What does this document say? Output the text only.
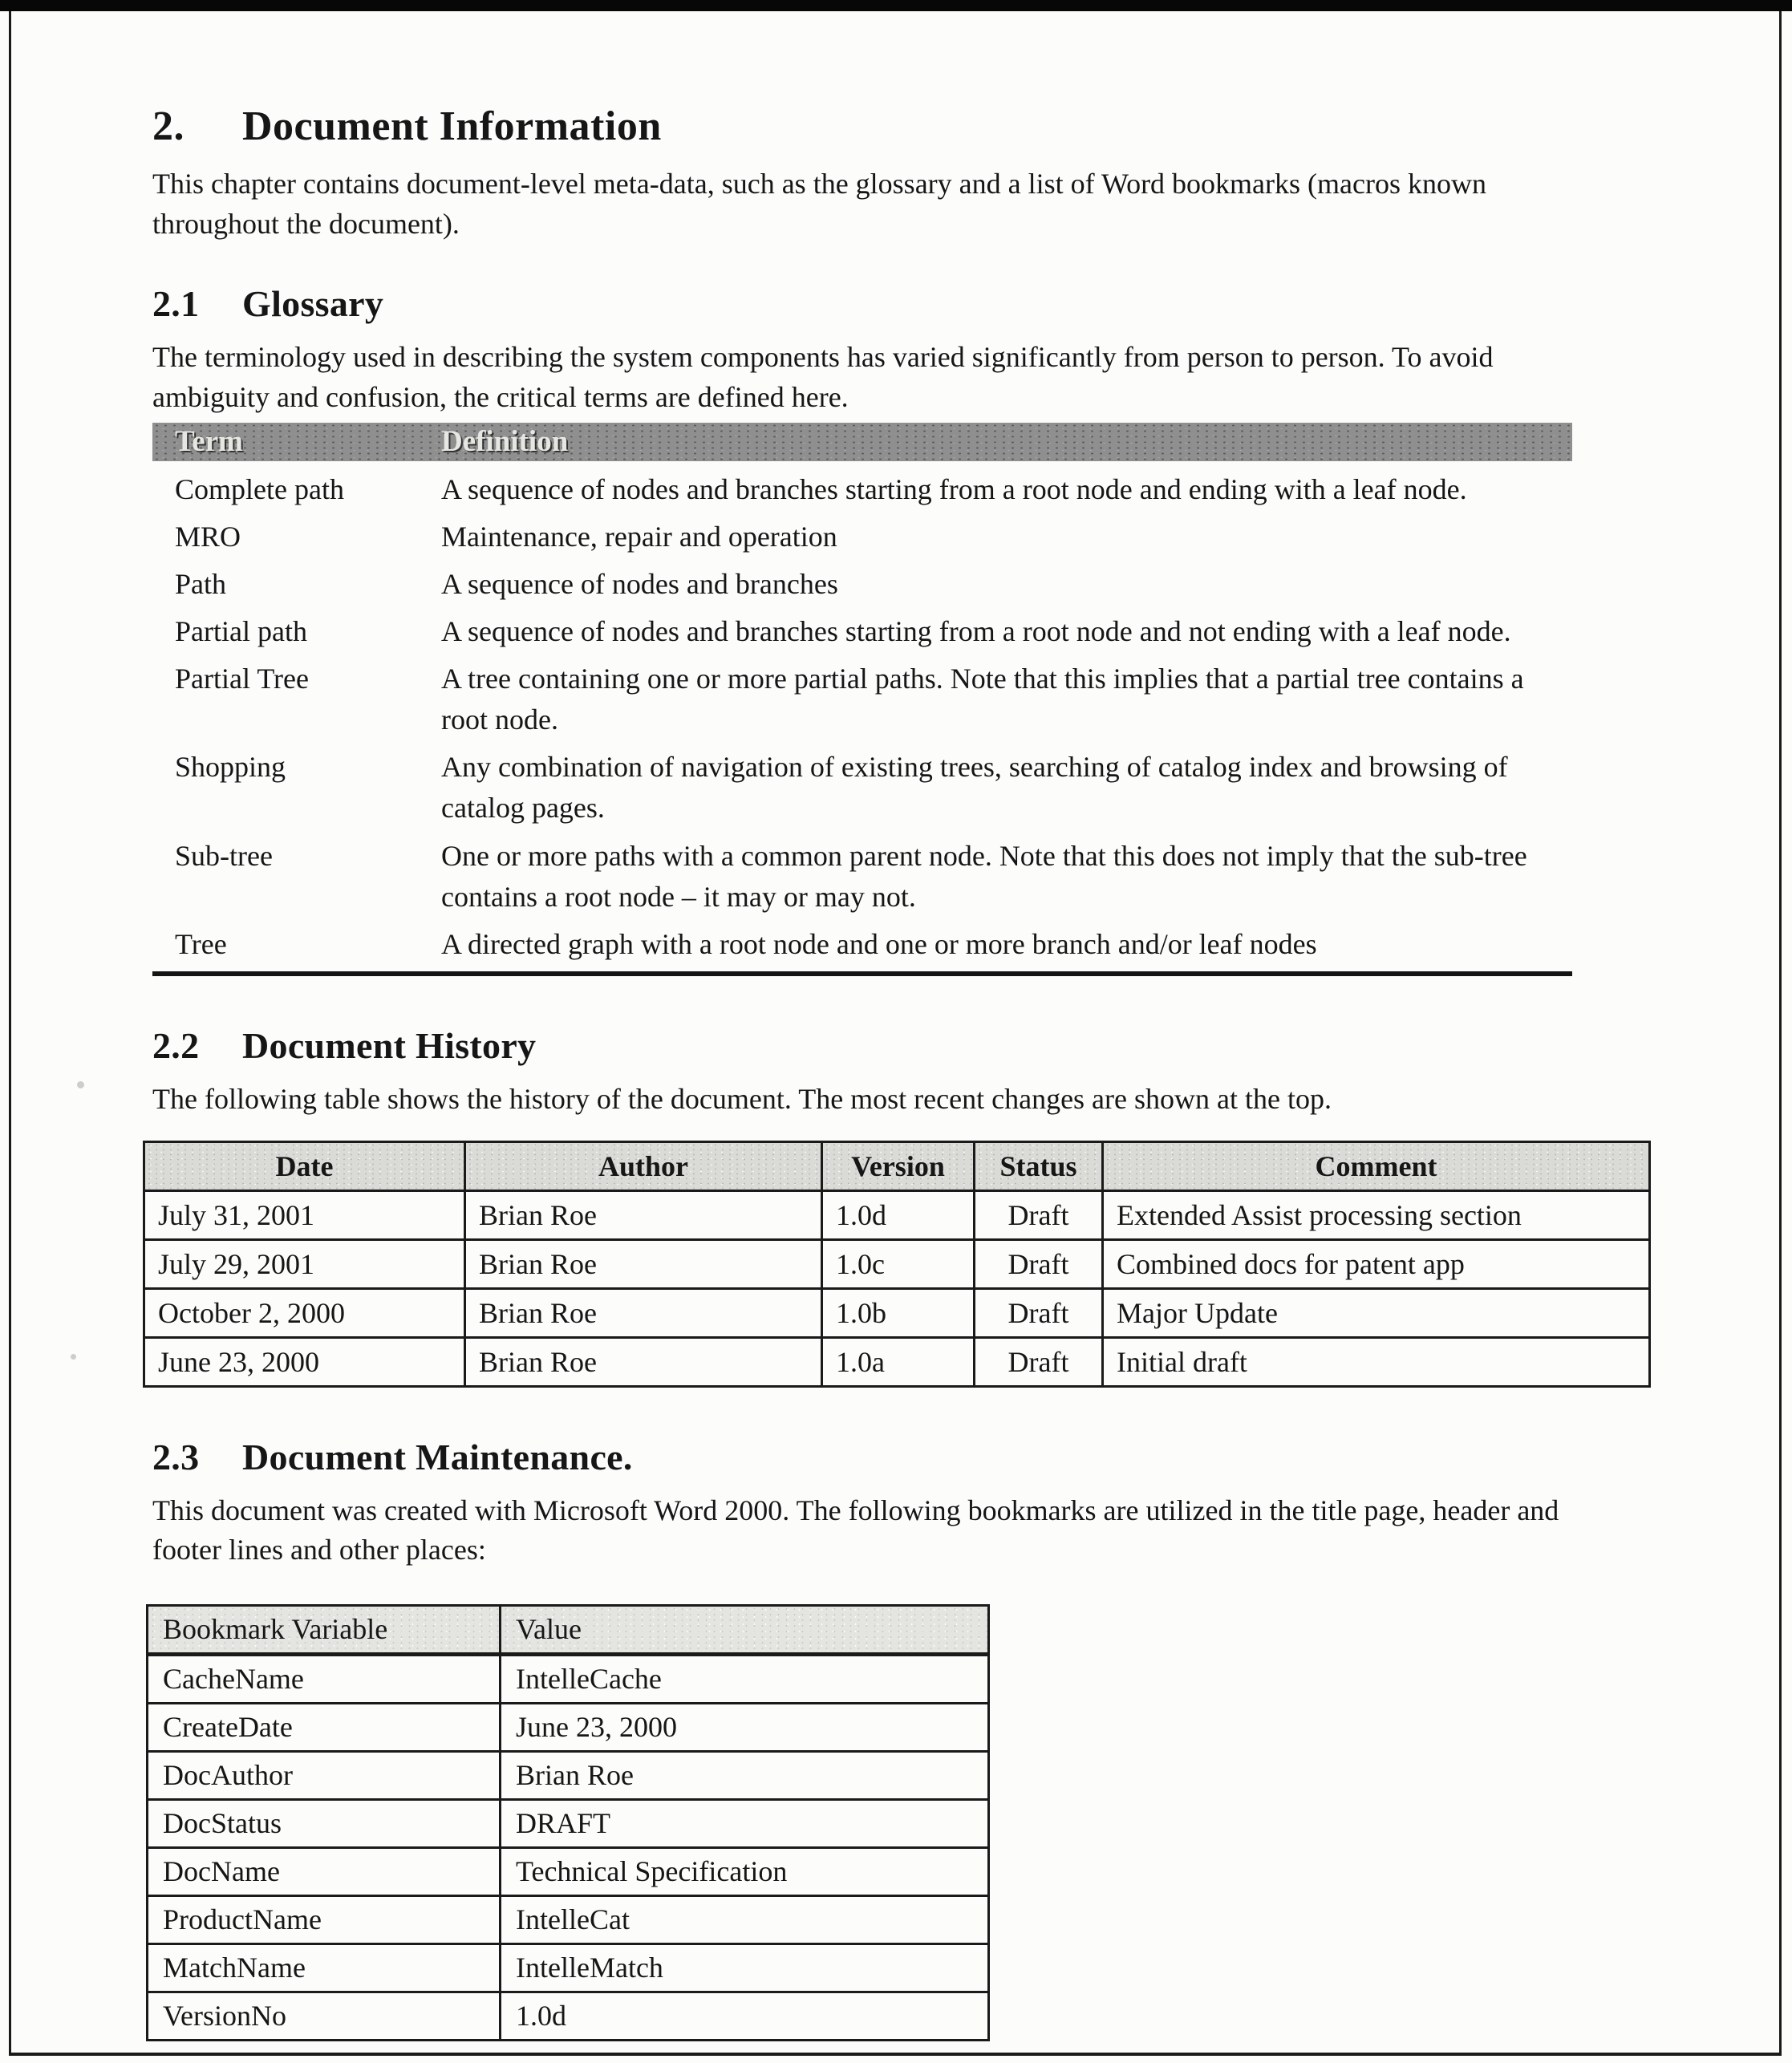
2. Document Information

This chapter contains document-level meta-data, such as the glossary and a list of Word bookmarks (macros known throughout the document).

2.1 Glossary

The terminology used in describing the system components has varied significantly from person to person. To avoid ambiguity and confusion, the critical terms are defined here.

Term	Definition
Complete path	A sequence of nodes and branches starting from a root node and ending with a leaf node.
MRO	Maintenance, repair and operation
Path	A sequence of nodes and branches
Partial path	A sequence of nodes and branches starting from a root node and not ending with a leaf node.
Partial Tree	A tree containing one or more partial paths. Note that this implies that a partial tree contains a root node.
Shopping	Any combination of navigation of existing trees, searching of catalog index and browsing of catalog pages.
Sub-tree	One or more paths with a common parent node. Note that this does not imply that the sub-tree contains a root node – it may or may not.
Tree	A directed graph with a root node and one or more branch and/or leaf nodes
2.2 Document History

The following table shows the history of the document. The most recent changes are shown at the top.

Date	Author	Version	Status	Comment
July 31, 2001	Brian Roe	1.0d	Draft	Extended Assist processing section
July 29, 2001	Brian Roe	1.0c	Draft	Combined docs for patent app
October 2, 2000	Brian Roe	1.0b	Draft	Major Update
June 23, 2000	Brian Roe	1.0a	Draft	Initial draft
2.3 Document Maintenance.

This document was created with Microsoft Word 2000. The following bookmarks are utilized in the title page, header and footer lines and other places:

Bookmark Variable	Value
CacheName	IntelleCache
CreateDate	June 23, 2000
DocAuthor	Brian Roe
DocStatus	DRAFT
DocName	Technical Specification
ProductName	IntelleCat
MatchName	IntelleMatch
VersionNo	1.0d
